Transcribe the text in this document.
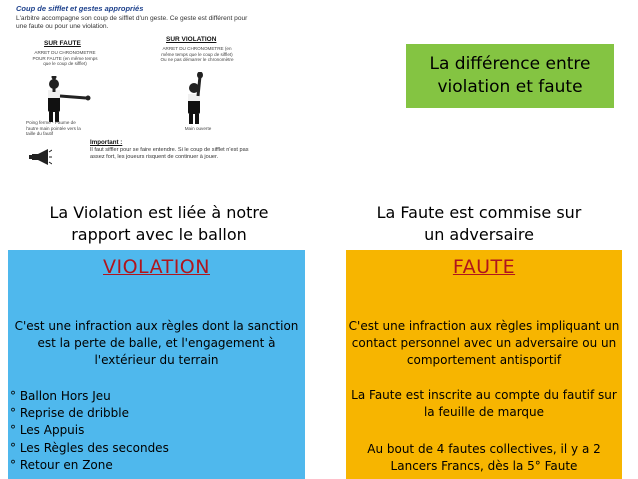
Coup de sifflet et gestes appropriés
L'arbitre accompagne son coup de sifflet d'un geste. Ce geste est différent pour une faute ou pour une violation.
SUR FAUTE
ARRET DU CHRONOMETRE POUR FAUTE (en même temps que le coup de sifflet)
Poing fermé - Paume de l'autre main pointée vers la taille du fautif
SUR VIOLATION
ARRET DU CHRONOMETRE (en même temps que le coup de sifflet) Ou ne pas démarrer le chronomètre
Main ouverte
Important :
Il faut siffler pour se faire entendre. Si le coup de sifflet n'est pas assez fort, les joueurs risquent de continuer à jouer.
La différence entre violation et faute
La Violation est liée à notre rapport avec le ballon
La Faute est commise sur un adversaire
VIOLATION
C'est une infraction aux règles dont la sanction est la perte de balle, et l'engagement à l'extérieur du terrain
° Ballon Hors Jeu
° Reprise de dribble
° Les Appuis
° Les Règles des secondes
° Retour en Zone
FAUTE
C'est une infraction aux règles impliquant un contact personnel avec un adversaire ou un comportement antisportif
La Faute est inscrite au compte du fautif sur la feuille de marque
Au bout de 4 fautes collectives, il y a 2 Lancers Francs, dès la 5° Faute
